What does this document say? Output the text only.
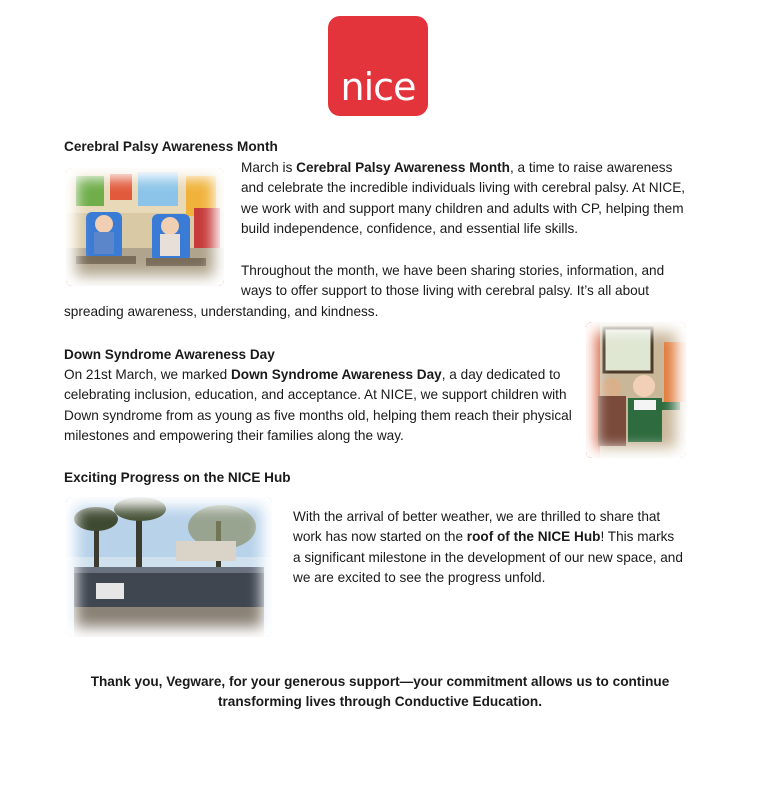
nice
Cerebral Palsy Awareness Month
March is Cerebral Palsy Awareness Month, a time to raise awareness and celebrate the incredible individuals living with cerebral palsy. At NICE, we work with and support many children and adults with CP, helping them build independence, confidence, and essential life skills.
Throughout the month, we have been sharing stories, information, and
ways to offer support to those living with cerebral palsy. It’s all about
spreading awareness, understanding, and kindness.
Down Syndrome Awareness Day
On 21st March, we marked Down Syndrome Awareness Day, a day dedicated to celebrating inclusion, education, and acceptance. At NICE, we support children with Down syndrome from as young as five months old, helping them reach their physical milestones and empowering their families along the way.
Exciting Progress on the NICE Hub
With the arrival of better weather, we are thrilled to share that work has now started on the roof of the NICE Hub! This marks a significant milestone in the development of our new space, and we are excited to see the progress unfold.
Thank you, Vegware, for your generous support—your commitment allows us to continue
transforming lives through Conductive Education.
